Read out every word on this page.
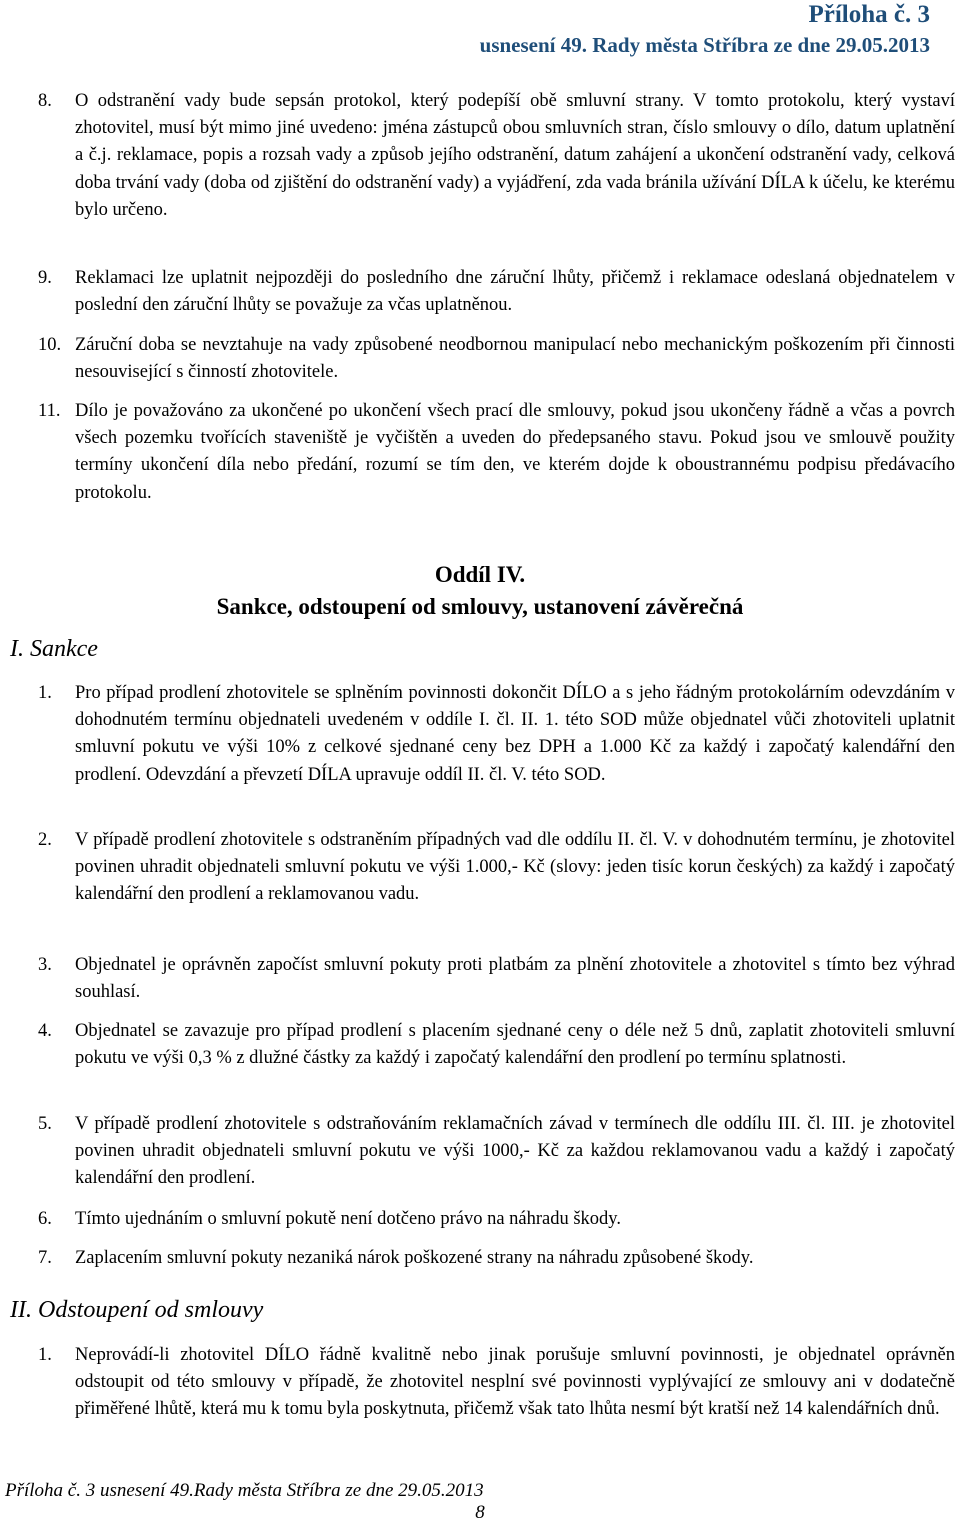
Příloha č. 3
usnesení 49. Rady města Stříbra ze dne 29.05.2013
8. O odstranění vady bude sepsán protokol, který podepíší obě smluvní strany. V tomto protokolu, který vystaví zhotovitel, musí být mimo jiné uvedeno: jména zástupců obou smluvních stran, číslo smlouvy o dílo, datum uplatnění a č.j. reklamace, popis a rozsah vady a způsob jejího odstranění, datum zahájení a ukončení odstranění vady, celková doba trvání vady (doba od zjištění do odstranění vady) a vyjádření, zda vada bránila užívání DÍLA k účelu, ke kterému bylo určeno.
9. Reklamaci lze uplatnit nejpozději do posledního dne záruční lhůty, přičemž i reklamace odeslaná objednatelem v poslední den záruční lhůty se považuje za včas uplatněnou.
10. Záruční doba se nevztahuje na vady způsobené neodbornou manipulací nebo mechanickým poškozením při činnosti nesouvisející s činností zhotovitele.
11. Dílo je považováno za ukončené po ukončení všech prací dle smlouvy, pokud jsou ukončeny řádně a včas a povrch všech pozemku tvořících staveniště je vyčištěn a uveden do předepsaného stavu. Pokud jsou ve smlouvě použity termíny ukončení díla nebo předání, rozumí se tím den, ve kterém dojde k oboustrannému podpisu předávacího protokolu.
Oddíl IV.
Sankce, odstoupení od smlouvy, ustanovení závěrečná
I. Sankce
1. Pro případ prodlení zhotovitele se splněním povinnosti dokončit DÍLO a s jeho řádným protokolárním odevzdáním v dohodnutém termínu objednateli uvedeném v oddíle I. čl. II. 1. této SOD může objednatel vůči zhotoviteli uplatnit smluvní pokutu ve výši 10% z celkové sjednané ceny bez DPH a 1.000 Kč za každý i započatý kalendářní den prodlení. Odevzdání a převzetí DÍLA upravuje oddíl II. čl. V. této SOD.
2. V případě prodlení zhotovitele s odstraněním případných vad dle oddílu II. čl. V. v dohodnutém termínu, je zhotovitel povinen uhradit objednateli smluvní pokutu ve výši 1.000,- Kč (slovy: jeden tisíc korun českých) za každý i započatý kalendářní den prodlení a reklamovanou vadu.
3. Objednatel je oprávněn započíst smluvní pokuty proti platbám za plnění zhotovitele a zhotovitel s tímto bez výhrad souhlasí.
4. Objednatel se zavazuje pro případ prodlení s placením sjednané ceny o déle než 5 dnů, zaplatit zhotoviteli smluvní pokutu ve výši 0,3 % z dlužné částky za každý i započatý kalendářní den prodlení po termínu splatnosti.
5. V případě prodlení zhotovitele s odstraňováním reklamačních závad v termínech dle oddílu III. čl. III. je zhotovitel povinen uhradit objednateli smluvní pokutu ve výši 1000,- Kč za každou reklamovanou vadu a každý i započatý kalendářní den prodlení.
6. Tímto ujednáním o smluvní pokutě není dotčeno právo na náhradu škody.
7. Zaplacením smluvní pokuty nezaniká nárok poškozené strany na náhradu způsobené škody.
II. Odstoupení od smlouvy
1. Neprovádí-li zhotovitel DÍLO řádně kvalitně nebo jinak porušuje smluvní povinnosti, je objednatel oprávněn odstoupit od této smlouvy v případě, že zhotovitel nesplní své povinnosti vyplývající ze smlouvy ani v dodatečně přiměřené lhůtě, která mu k tomu byla poskytnuta, přičemž však tato lhůta nesmí být kratší než 14 kalendářních dnů.
Příloha č. 3 usnesení 49.Rady města Stříbra ze dne 29.05.2013
8
